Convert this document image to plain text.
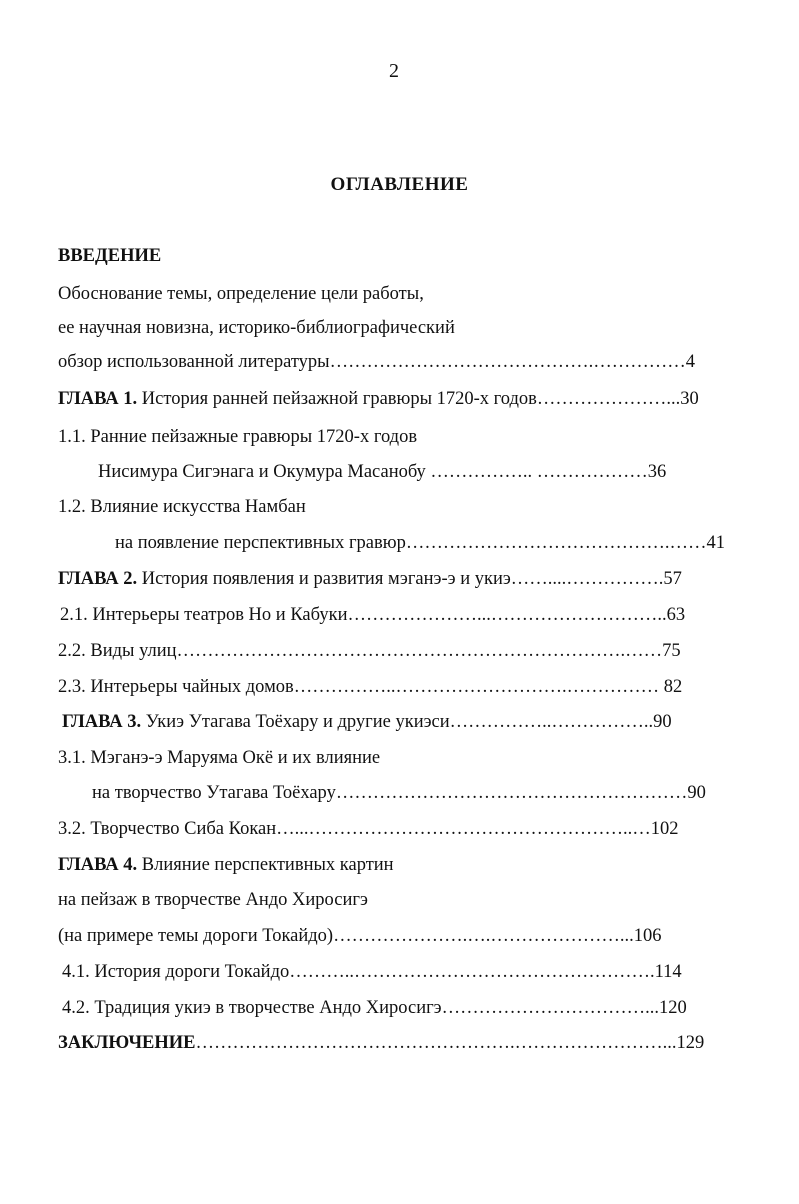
2
ОГЛАВЛЕНИЕ
ВВЕДЕНИЕ
Обоснование темы, определение цели работы,
ее научная новизна, историко-библиографический
обзор использованной литературы…………………………………….……………4
ГЛАВА 1. История ранней пейзажной гравюры 1720-х годов…………………...30
1.1. Ранние пейзажные гравюры 1720-х годов
Нисимура Сигэнага и Окумура Масанобу …………….. ………………36
1.2. Влияние искусства Намбан
на появление перспективных гравюр…………………………………….……41
ГЛАВА 2. История появления и развития мэганэ-э и укиэ……....…………….57
2.1. Интерьеры театров Но и Кабуки…………………...………………………..63
2.2. Виды улиц……………………………………………………………….……75
2.3. Интерьеры чайных домов……………..……………………….…………… 82
ГЛАВА 3. Укиэ Утагава Тоёхару и другие укиэси……………..……………..90
3.1. Мэганэ-э Маруяма Окё и их влияние
на творчество Утагава Тоёхару…………………………………………………90
3.2. Творчество Сиба Кокан…...……………………………………………..…102
ГЛАВА 4. Влияние перспективных картин
на пейзаж в творчестве Андо Хиросигэ
(на примере темы дороги Токайдо)………………….….…………………...106
4.1. История дороги Токайдо………..………………………………………….114
4.2. Традиция укиэ в творчестве Андо Хиросигэ……………………………...120
ЗАКЛЮЧЕНИЕ…………………………………………….……………………...129
